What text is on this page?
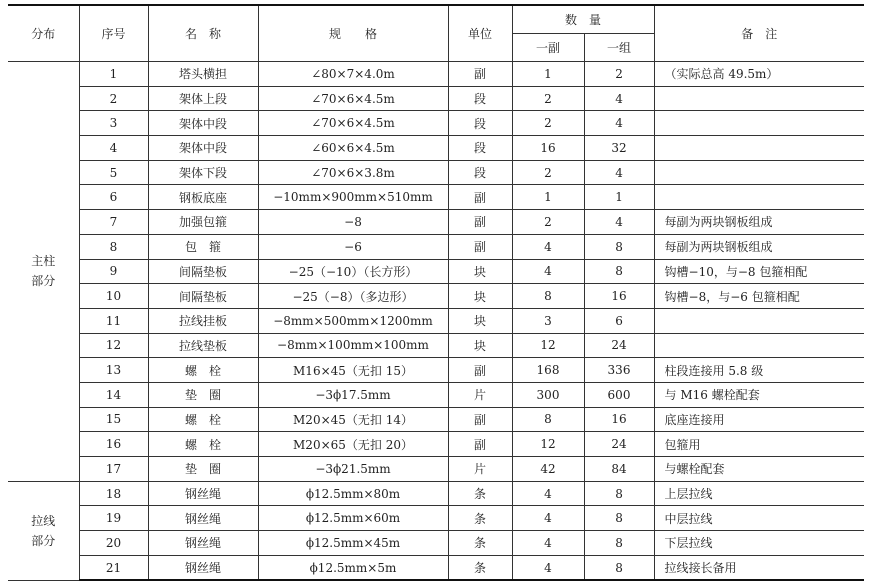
分布	序号	名　称	规　　格	单位	数　量		备　注
					一副	一组	

主柱
部分	1	塔头横担	∠80×7×4.0m	副	1	2	（实际总高 49.5m）
	2	架体上段	∠70×6×4.5m	段	2	4	
	3	架体中段	∠70×6×4.5m	段	2	4	
	4	架体中段	∠60×6×4.5m	段	16	32	
	5	架体下段	∠70×6×3.8m	段	2	4	
	6	钢板底座	−10mm×900mm×510mm	副	1	1	
	7	加强包箍	−8	副	2	4	每副为两块钢板组成
	8	包　箍	−6	副	4	8	每副为两块钢板组成
	9	间隔垫板	−25（−10）（长方形）	块	4	8	钩槽−10，与−8 包箍相配
	10	间隔垫板	−25（−8）（多边形）	块	8	16	钩槽−8，与−6 包箍相配
	11	拉线挂板	−8mm×500mm×1200mm	块	3	6	
	12	拉线垫板	−8mm×100mm×100mm	块	12	24	
	13	螺　栓	M16×45（无扣 15）	副	168	336	柱段连接用 5.8 级
	14	垫　圈	−3ϕ17.5mm	片	300	600	与 M16 螺栓配套
	15	螺　栓	M20×45（无扣 14）	副	8	16	底座连接用
	16	螺　栓	M20×65（无扣 20）	副	12	24	包箍用
	17	垫　圈	−3ϕ21.5mm	片	42	84	与螺栓配套

拉线
部分	18	钢丝绳	ϕ12.5mm×80m	条	4	8	上层拉线
	19	钢丝绳	ϕ12.5mm×60m	条	4	8	中层拉线
	20	钢丝绳	ϕ12.5mm×45m	条	4	8	下层拉线
	21	钢丝绳	ϕ12.5mm×5m	条	4	8	拉线接长备用
